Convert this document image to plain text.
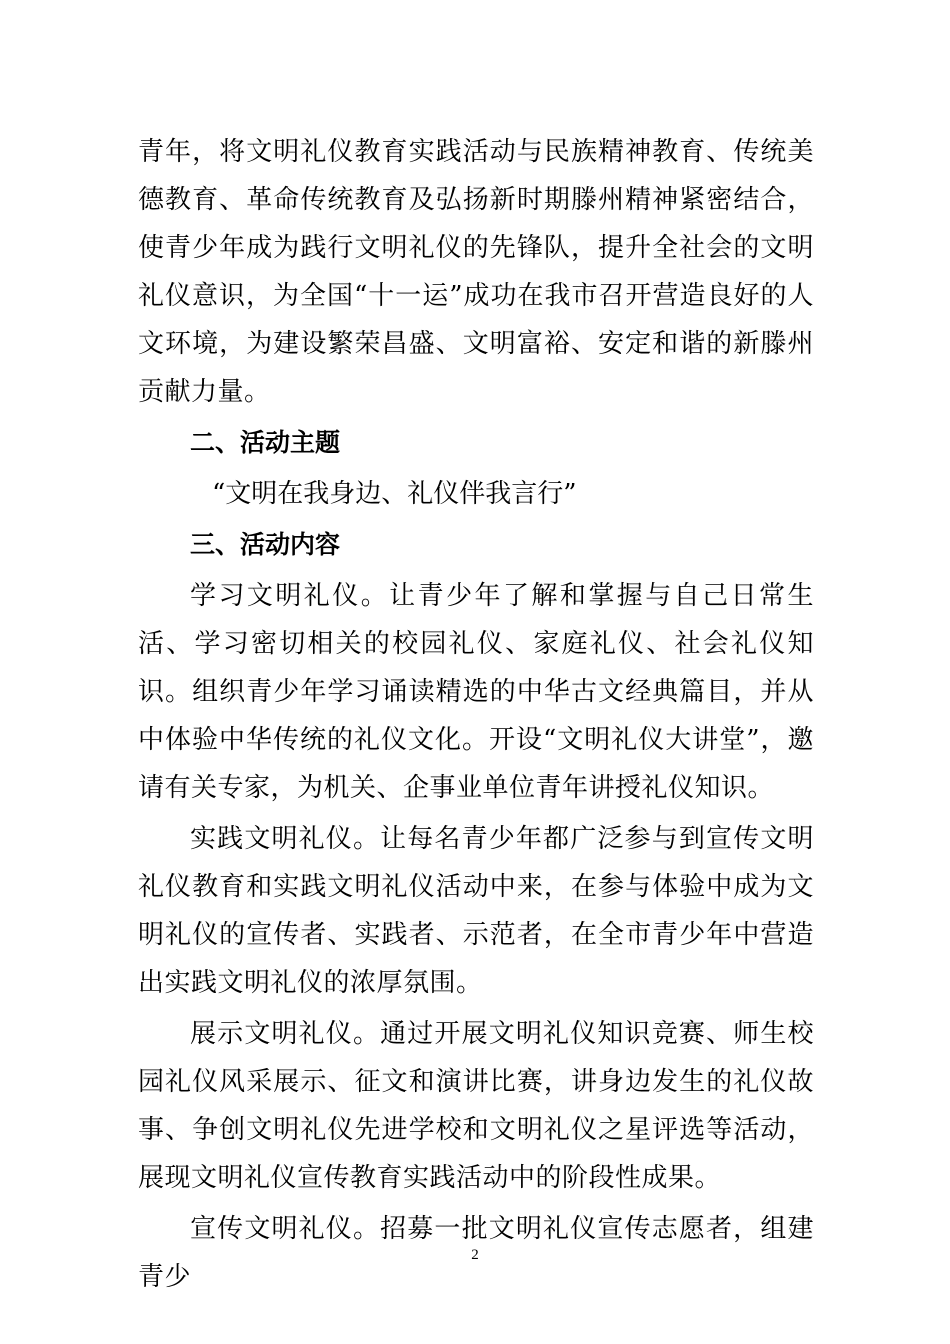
青年，将文明礼仪教育实践活动与民族精神教育、传统美德教育、革命传统教育及弘扬新时期滕州精神紧密结合，使青少年成为践行文明礼仪的先锋队，提升全社会的文明礼仪意识，为全国“十一运”成功在我市召开营造良好的人文环境，为建设繁荣昌盛、文明富裕、安定和谐的新滕州贡献力量。

二、活动主题
“文明在我身边、礼仪伴我言行”
三、活动内容

学习文明礼仪。让青少年了解和掌握与自己日常生活、学习密切相关的校园礼仪、家庭礼仪、社会礼仪知识。组织青少年学习诵读精选的中华古文经典篇目，并从中体验中华传统的礼仪文化。开设“文明礼仪大讲堂”，邀请有关专家，为机关、企事业单位青年讲授礼仪知识。

实践文明礼仪。让每名青少年都广泛参与到宣传文明礼仪教育和实践文明礼仪活动中来，在参与体验中成为文明礼仪的宣传者、实践者、示范者，在全市青少年中营造出实践文明礼仪的浓厚氛围。

展示文明礼仪。通过开展文明礼仪知识竞赛、师生校园礼仪风采展示、征文和演讲比赛，讲身边发生的礼仪故事、争创文明礼仪先进学校和文明礼仪之星评选等活动，展现文明礼仪宣传教育实践活动中的阶段性成果。

宣传文明礼仪。招募一批文明礼仪宣传志愿者，组建青少

2
